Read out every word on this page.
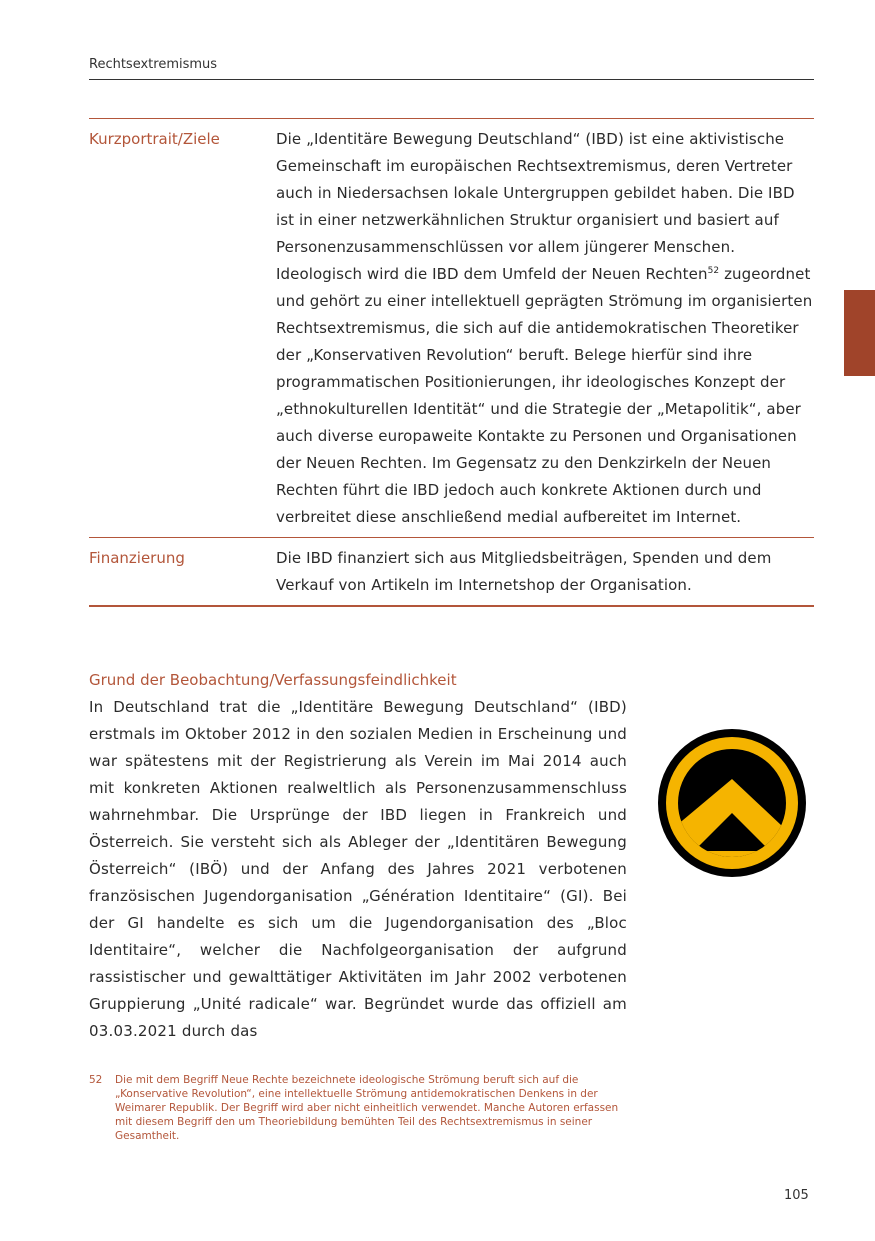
Rechtsextremismus
Kurzportrait/Ziele	Die „Identitäre Bewegung Deutschland“ (IBD) ist eine aktivistische Gemeinschaft im europäischen Rechtsextremismus, deren Vertreter auch in Niedersachsen lokale Untergruppen gebildet haben. Die IBD ist in einer netzwerkähnlichen Struktur organisiert und basiert auf Personenzusammenschlüssen vor allem jüngerer Menschen. Ideologisch wird die IBD dem Umfeld der Neuen Rechten$^{52}$ zugeordnet und gehört zu einer intellektuell geprägten Strömung im organisierten Rechtsextremismus, die sich auf die antidemokratischen Theoretiker der „Konservativen Revolution“ beruft. Belege hierfür sind ihre programmatischen Positionierungen, ihr ideologisches Konzept der „ethnokulturellen Identität“ und die Strategie der „Metapolitik“, aber auch diverse europaweite Kontakte zu Personen und Organisationen der Neuen Rechten. Im Gegensatz zu den Denkzirkeln der Neuen Rechten führt die IBD jedoch auch konkrete Aktionen durch und verbreitet diese anschließend medial aufbereitet im Internet.
Finanzierung	Die IBD finanziert sich aus Mitgliedsbeiträgen, Spenden und dem Verkauf von Artikeln im Internetshop der Organisation.
Grund der Beobachtung/Verfassungsfeindlichkeit
In Deutschland trat die „Identitäre Bewegung Deutschland“ (IBD) erstmals im Oktober 2012 in den sozialen Medien in Erscheinung und war spätestens mit der Registrierung als Verein im Mai 2014 auch mit konkreten Aktionen realweltlich als Personenzusammenschluss wahrnehmbar. Die Ursprünge der IBD liegen in Frankreich und Österreich. Sie versteht sich als Ableger der „Identitären Bewegung Österreich“ (IBÖ) und der Anfang des Jahres 2021 verbotenen französischen Jugendorganisation „Génération Identitaire“ (GI). Bei der GI handelte es sich um die Jugendorganisation des „Bloc Identitaire“, welcher die Nachfolgeorganisation der aufgrund rassistischer und gewalttätiger Aktivitäten im Jahr 2002 verbotenen Gruppierung „Unité radicale“ war. Begründet wurde das offiziell am 03.03.2021 durch das
52	Die mit dem Begriff Neue Rechte bezeichnete ideologische Strömung beruft sich auf die „Konservative Revolution“, eine intellektuelle Strömung antidemokratischen Denkens in der Weimarer Republik. Der Begriff wird aber nicht einheitlich verwendet. Manche Autoren erfassen mit diesem Begriff den um Theoriebildung bemühten Teil des Rechtsextremismus in seiner Gesamtheit.
105
